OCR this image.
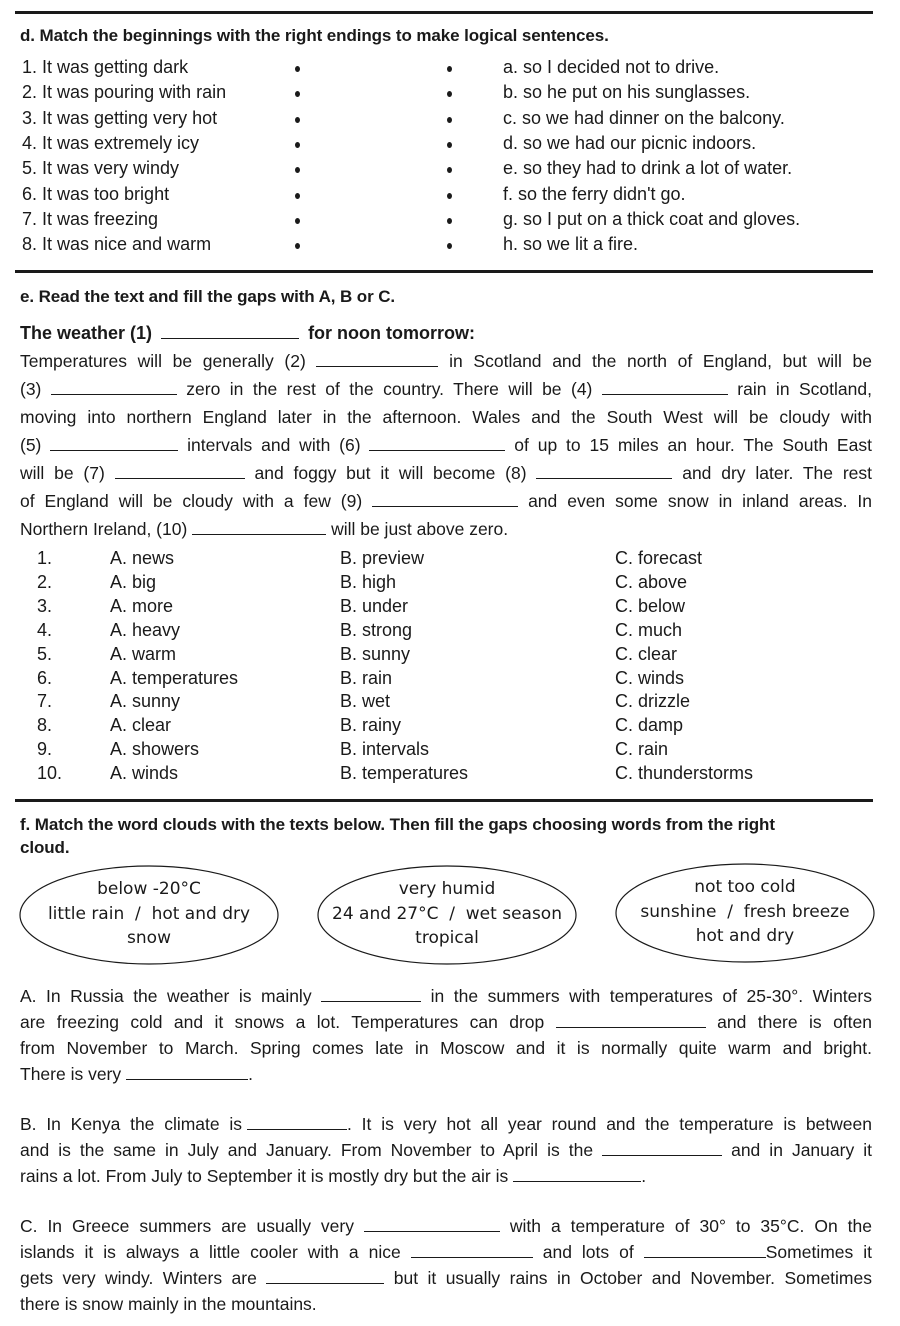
d. Match the beginnings with the right endings to make logical sentences.
1. It was getting dark	a. so I decided not to drive.
2. It was pouring with rain	b. so he put on his sunglasses.
3. It was getting very hot	c. so we had dinner on the balcony.
4. It was extremely icy	d. so we had our picnic indoors.
5. It was very windy	e. so they had to drink a lot of water.
6. It was too bright	f. so the ferry didn't go.
7. It was freezing	g. so I put on a thick coat and gloves.
8. It was nice and warm	h. so we lit a fire.
e. Read the text and fill the gaps with A, B or C.
The weather (1)	for noon tomorrow:
Temperatures will be generally (2)	in Scotland and the north of England, but will be
(3)	zero in the rest of the country. There will be (4)	rain in Scotland,
moving into northern England later in the afternoon. Wales and the South West will be cloudy with
(5)	intervals and with (6)	of up to 15 miles an hour. The South East
will be (7)	and foggy but it will become (8)	and dry later. The rest
of England will be cloudy with a few (9)	and even some snow in inland areas. In
Northern Ireland, (10)	will be just above zero.
1.	A. news	B. preview	C. forecast
2.	A. big	B. high	C. above
3.	A. more	B. under	C. below
4.	A. heavy	B. strong	C. much
5.	A. warm	B. sunny	C. clear
6.	A. temperatures	B. rain	C. winds
7.	A. sunny	B. wet	C. drizzle
8.	A. clear	B. rainy	C. damp
9.	A. showers	B. intervals	C. rain
10.	A. winds	B. temperatures	C. thunderstorms
f. Match the word clouds with the texts below. Then fill the gaps choosing words from the right
cloud.
below -20°C
little rain  /  hot and dry
snow
very humid
24 and 27°C  /  wet season
tropical
not too cold
sunshine  /  fresh breeze
hot and dry
A. In Russia the weather is mainly	in the summers with temperatures of 25-30°. Winters
are freezing cold and it snows a lot. Temperatures can drop	and there is often
from November to March. Spring comes late in Moscow and it is normally quite warm and bright.
There is very	.
B. In Kenya the climate is	. It is very hot all year round and the temperature is between
and is the same in July and January. From November to April is the	and in January it
rains a lot. From July to September it is mostly dry but the air is	.
C. In Greece summers are usually very	with a temperature of 30° to 35°C. On the
islands it is always a little cooler with a nice	and lots of	Sometimes it
gets very windy. Winters are	but it usually rains in October and November. Sometimes
there is snow mainly in the mountains.
